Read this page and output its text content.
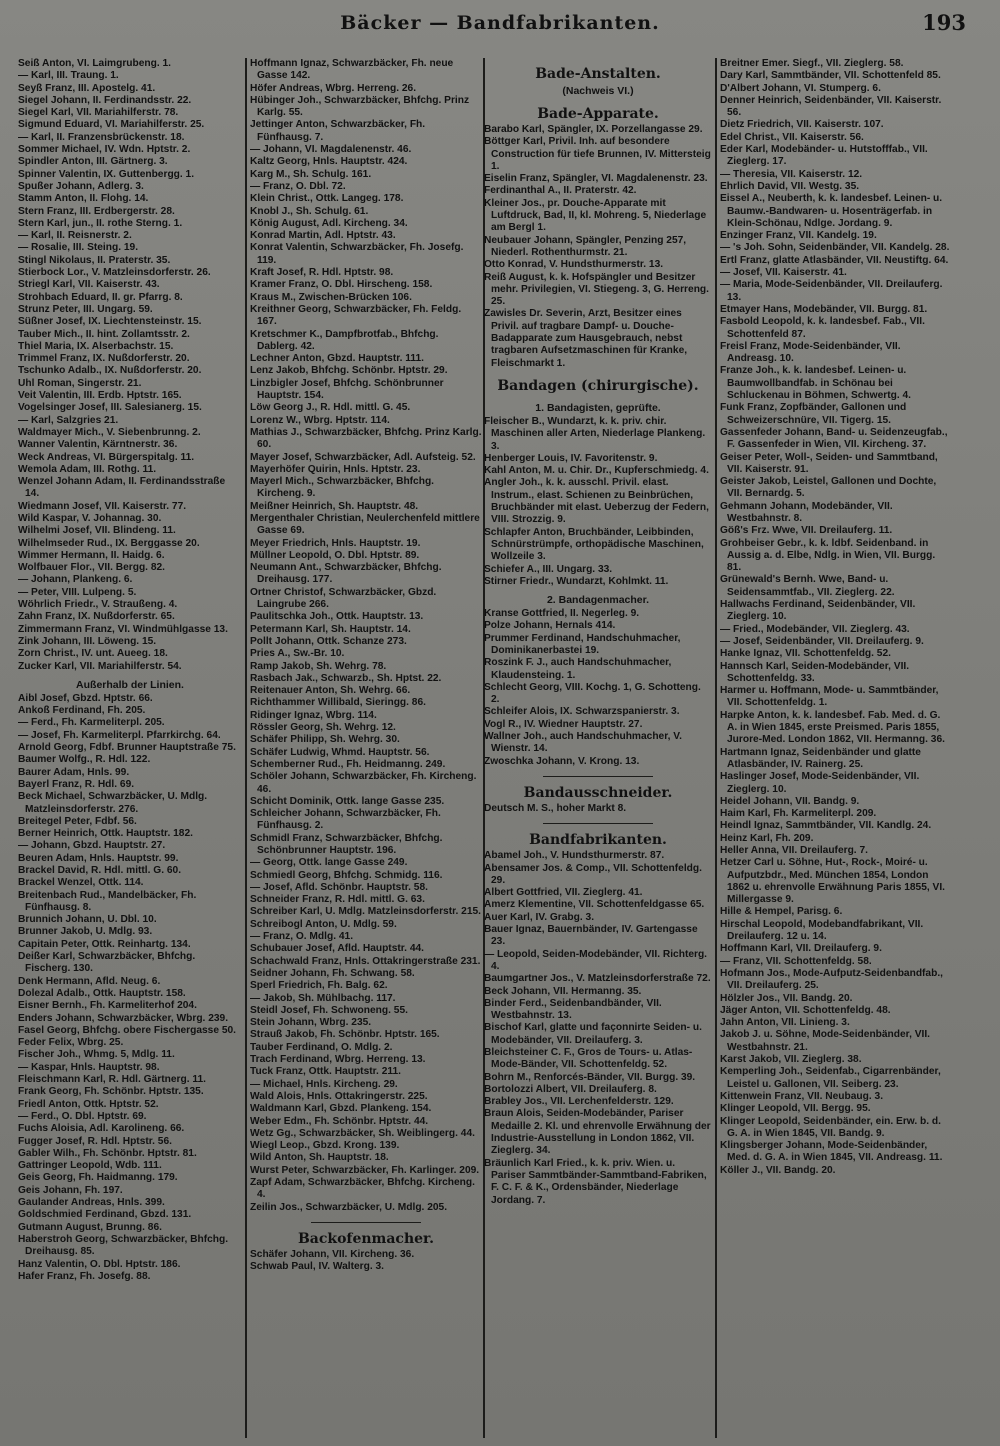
Bäcker — Bandfabrikanten.	193
Seiß Anton, VI. Laimgrubeng. 1.
— Karl, III. Traung. 1.
Seyß Franz, III. Apostelg. 41.
Siegel Johann, II. Ferdinandsstr. 22.
Siegel Karl, VII. Mariahilferstr. 78.
Sigmund Eduard, VI. Mariahilferstr. 25.
— Karl, II. Franzensbrückenstr. 18.
Sommer Michael, IV. Wdn. Hptstr. 2.
Spindler Anton, III. Gärtnerg. 3.
Spinner Valentin, IX. Guttenbergg. 1.
Spußer Johann, Adlerg. 3.
Stamm Anton, II. Flohg. 14.
Stern Franz, III. Erdbergerstr. 28.
Stern Karl, jun., II. rothe Sterng. 1.
— Karl, II. Reisnerstr. 2.
— Rosalie, III. Steing. 19.
Stingl Nikolaus, II. Praterstr. 35.
Stierbock Lor., V. Matzleinsdorferstr. 26.
Striegl Karl, VII. Kaiserstr. 43.
Strohbach Eduard, II. gr. Pfarrg. 8.
Strunz Peter, III. Ungarg. 59.
Süßner Josef, IX. Liechtensteinstr. 15.
Tauber Mich., II. hint. Zollamtsstr. 2.
Thiel Maria, IX. Alserbachstr. 15.
Trimmel Franz, IX. Nußdorferstr. 20.
Tschunko Adalb., IX. Nußdorferstr. 20.
Uhl Roman, Singerstr. 21.
Veit Valentin, III. Erdb. Hptstr. 165.
Vogelsinger Josef, III. Salesianerg. 15.
— Karl, Salzgries 21.
Waldmayer Mich., V. Siebenbrunng. 2.
Wanner Valentin, Kärntnerstr. 36.
Weck Andreas, VI. Bürgerspitalg. 11.
Wemola Adam, III. Rothg. 11.
Wenzel Johann Adam, II. Ferdinandsstraße 14.
Wiedmann Josef, VII. Kaiserstr. 77.
Wild Kaspar, V. Johannag. 30.
Wilhelmi Josef, VII. Blindeng. 11.
Wilhelmseder Rud., IX. Berggasse 20.
Wimmer Hermann, II. Haidg. 6.
Wolfbauer Flor., VII. Bergg. 82.
— Johann, Plankeng. 6.
— Peter, VIII. Lulpeng. 5.
Wöhrlich Friedr., V. Straußeng. 4.
Zahn Franz, IX. Nußdorferstr. 65.
Zimmermann Franz, VI. Windmühlgasse 13.
Zink Johann, III. Löweng. 15.
Zorn Christ., IV. unt. Aueeg. 18.
Zucker Karl, VII. Mariahilferstr. 54.
Außerhalb der Linien.
Aibl Josef, Gbzd. Hptstr. 66.
Ankoß Ferdinand, Fh. 205.
— Ferd., Fh. Karmeliterpl. 205.
— Josef, Fh. Karmeliterpl. Pfarrkirchg. 64.
Arnold Georg, Fdbf. Brunner Hauptstraße 75.
Baumer Wolfg., R. Hdl. 122.
Baurer Adam, Hnls. 99.
Bayerl Franz, R. Hdl. 69.
Beck Michael, Schwarzbäcker, U. Mdlg. Matzleinsdorferstr. 276.
Breitegel Peter, Fdbf. 56.
Berner Heinrich, Ottk. Hauptstr. 182.
— Johann, Gbzd. Hauptstr. 27.
Beuren Adam, Hnls. Hauptstr. 99.
Brackel David, R. Hdl. mittl. G. 60.
Brackel Wenzel, Ottk. 114.
Breitenbach Rud., Mandelbäcker, Fh. Fünfhausg. 8.
Brunnich Johann, U. Dbl. 10.
Brunner Jakob, U. Mdlg. 93.
Capitain Peter, Ottk. Reinhartg. 134.
Deißer Karl, Schwarzbäcker, Bhfchg. Fischerg. 130.
Denk Hermann, Afld. Neug. 6.
Dolezal Adalb., Ottk. Hauptstr. 158.
Eisner Bernh., Fh. Karmeliterhof 204.
Enders Johann, Schwarzbäcker, Wbrg. 239.
Fasel Georg, Bhfchg. obere Fischergasse 50.
Feder Felix, Wbrg. 25.
Fischer Joh., Whmg. 5, Mdlg. 11.
— Kaspar, Hnls. Hauptstr. 98.
Fleischmann Karl, R. Hdl. Gärtnerg. 11.
Frank Georg, Fh. Schönbr. Hptstr. 135.
Friedl Anton, Ottk. Hptstr. 52.
— Ferd., O. Dbl. Hptstr. 69.
Fuchs Aloisia, Adl. Karolineng. 66.
Fugger Josef, R. Hdl. Hptstr. 56.
Gabler Wilh., Fh. Schönbr. Hptstr. 81.
Gattringer Leopold, Wdb. 111.
Geis Georg, Fh. Haidmanng. 179.
Geis Johann, Fh. 197.
Gaulander Andreas, Hnls. 399.
Goldschmied Ferdinand, Gbzd. 131.
Gutmann August, Brunng. 86.
Haberstroh Georg, Schwarzbäcker, Bhfchg. Dreihausg. 85.
Hanz Valentin, O. Dbl. Hptstr. 186.
Hafer Franz, Fh. Josefg. 88.
Hoffmann Ignaz, Schwarzbäcker, Fh. neue Gasse 142.
Höfer Andreas, Wbrg. Herreng. 26.
Hübinger Joh., Schwarzbäcker, Bhfchg. Prinz Karlg. 55.
Jettinger Anton, Schwarzbäcker, Fh. Fünfhausg. 7.
— Johann, VI. Magdalenenstr. 46.
Kaltz Georg, Hnls. Hauptstr. 424.
Karg M., Sh. Schulg. 161.
— Franz, O. Dbl. 72.
Klein Christ., Ottk. Langeg. 178.
Knobl J., Sh. Schulg. 61.
König August, Adl. Kircheng. 34.
Konrad Martin, Adl. Hptstr. 43.
Konrat Valentin, Schwarzbäcker, Fh. Josefg. 119.
Kraft Josef, R. Hdl. Hptstr. 98.
Kramer Franz, O. Dbl. Hirscheng. 158.
Kraus M., Zwischen-Brücken 106.
Kreithner Georg, Schwarzbäcker, Fh. Feldg. 167.
Kretschmer K., Dampfbrotfab., Bhfchg. Dablerg. 42.
Lechner Anton, Gbzd. Hauptstr. 111.
Lenz Jakob, Bhfchg. Schönbr. Hptstr. 29.
Linzbigler Josef, Bhfchg. Schönbrunner Hauptstr. 154.
Löw Georg J., R. Hdl. mittl. G. 45.
Lorenz W., Wbrg. Hptstr. 114.
Mathias J., Schwarzbäcker, Bhfchg. Prinz Karlg. 60.
Mayer Josef, Schwarzbäcker, Adl. Aufsteig. 52.
Mayerhöfer Quirin, Hnls. Hptstr. 23.
Mayerl Mich., Schwarzbäcker, Bhfchg. Kircheng. 9.
Meißner Heinrich, Sh. Hauptstr. 48.
Mergenthaler Christian, Neulerchenfeld mittlere Gasse 69.
Meyer Friedrich, Hnls. Hauptstr. 19.
Müllner Leopold, O. Dbl. Hptstr. 89.
Neumann Ant., Schwarzbäcker, Bhfchg. Dreihausg. 177.
Ortner Christof, Schwarzbäcker, Gbzd. Laingrube 266.
Paulitschka Joh., Ottk. Hauptstr. 13.
Petermann Karl, Sh. Hauptstr. 14.
Pollt Johann, Ottk. Schanze 273.
Pries A., Sw.-Br. 10.
Ramp Jakob, Sh. Wehrg. 78.
Rasbach Jak., Schwarzb., Sh. Hptst. 22.
Reitenauer Anton, Sh. Wehrg. 66.
Richthammer Willibald, Sieringg. 86.
Ridinger Ignaz, Wbrg. 114.
Rössler Georg, Sh. Wehrg. 12.
Schäfer Philipp, Sh. Wehrg. 30.
Schäfer Ludwig, Whmd. Hauptstr. 56.
Schemberner Rud., Fh. Heidmanng. 249.
Schöler Johann, Schwarzbäcker, Fh. Kircheng. 46.
Schicht Dominik, Ottk. lange Gasse 235.
Schleicher Johann, Schwarzbäcker, Fh. Fünfhausg. 2.
Schmidl Franz, Schwarzbäcker, Bhfchg. Schönbrunner Hauptstr. 196.
— Georg, Ottk. lange Gasse 249.
Schmiedl Georg, Bhfchg. Schmidg. 116.
— Josef, Afld. Schönbr. Hauptstr. 58.
Schneider Franz, R. Hdl. mittl. G. 63.
Schreiber Karl, U. Mdlg. Matzleinsdorferstr. 215.
Schreibogl Anton, U. Mdlg. 59.
— Franz, O. Mdlg. 41.
Schubauer Josef, Afld. Hauptstr. 44.
Schachwald Franz, Hnls. Ottakringerstraße 231.
Seidner Johann, Fh. Schwang. 58.
Sperl Friedrich, Fh. Balg. 62.
— Jakob, Sh. Mühlbachg. 117.
Steidl Josef, Fh. Schwoneng. 55.
Stein Johann, Wbrg. 235.
Strauß Jakob, Fh. Schönbr. Hptstr. 165.
Tauber Ferdinand, O. Mdlg. 2.
Trach Ferdinand, Wbrg. Herreng. 13.
Tuck Franz, Ottk. Hauptstr. 211.
— Michael, Hnls. Kircheng. 29.
Wald Alois, Hnls. Ottakringerstr. 225.
Waldmann Karl, Gbzd. Plankeng. 154.
Weber Edm., Fh. Schönbr. Hptstr. 44.
Wetz Gg., Schwarzbäcker, Sh. Weiblingerg. 44.
Wiegl Leop., Gbzd. Krong. 139.
Wild Anton, Sh. Hauptstr. 18.
Wurst Peter, Schwarzbäcker, Fh. Karlinger. 209.
Zapf Adam, Schwarzbäcker, Bhfchg. Kircheng. 4.
Zeilin Jos., Schwarzbäcker, U. Mdlg. 205.
Backofenmacher.
Schäfer Johann, VII. Kircheng. 36.
Schwab Paul, IV. Walterg. 3.
Bade-Anstalten.
(Nachweis VI.)
Bade-Apparate.
Barabo Karl, Spängler, IX. Porzellangasse 29.
Böttger Karl, Privil. Inh. auf besondere Construction für tiefe Brunnen, IV. Mittersteig 1.
Eiselin Franz, Spängler, VI. Magdalenenstr. 23.
Ferdinanthal A., II. Praterstr. 42.
Kleiner Jos., pr. Douche-Apparate mit Luftdruck, Bad, II, kl. Mohreng. 5, Niederlage am Bergl 1.
Neubauer Johann, Spängler, Penzing 257, Niederl. Rothenthurmstr. 21.
Otto Konrad, V. Hundsthurmerstr. 13.
Reiß August, k. k. Hofspängler und Besitzer mehr. Privilegien, VI. Stiegeng. 3, G. Herreng. 25.
Zawisles Dr. Severin, Arzt, Besitzer eines Privil. auf tragbare Dampf- u. Douche-Badapparate zum Hausgebrauch, nebst tragbaren Aufsetzmaschinen für Kranke, Fleischmarkt 1.
Bandagen (chirurgische).
1. Bandagisten, geprüfte.
Fleischer B., Wundarzt, k. k. priv. chir. Maschinen aller Arten, Niederlage Plankeng. 3.
Henberger Louis, IV. Favoritenstr. 9.
Kahl Anton, M. u. Chir. Dr., Kupferschmiedg. 4.
Angler Joh., k. k. ausschl. Privil. elast. Instrum., elast. Schienen zu Beinbrüchen, Bruchbänder mit elast. Ueberzug der Federn, VIII. Strozzig. 9.
Schlapfer Anton, Bruchbänder, Leibbinden, Schnürstrümpfe, orthopädische Maschinen, Wollzeile 3.
Schiefer A., III. Ungarg. 33.
Stirner Friedr., Wundarzt, Kohlmkt. 11.
2. Bandagenmacher.
Kranse Gottfried, II. Negerleg. 9.
Polze Johann, Hernals 414.
Prummer Ferdinand, Handschuhmacher, Dominikanerbastei 19.
Roszink F. J., auch Handschuhmacher, Klaudensteing. 1.
Schlecht Georg, VIII. Kochg. 1, G. Schotteng. 2.
Schleifer Alois, IX. Schwarzspanierstr. 3.
Vogl R., IV. Wiedner Hauptstr. 27.
Wallner Joh., auch Handschuhmacher, V. Wienstr. 14.
Zwoschka Johann, V. Krong. 13.
Bandausschneider.
Deutsch M. S., hoher Markt 8.
Bandfabrikanten.
Abamel Joh., V. Hundsthurmerstr. 87.
Abensamer Jos. & Comp., VII. Schottenfeldg. 29.
Albert Gottfried, VII. Zieglerg. 41.
Amerz Klementine, VII. Schottenfeldgasse 65.
Auer Karl, IV. Grabg. 3.
Bauer Ignaz, Bauernbänder, IV. Gartengasse 23.
— Leopold, Seiden-Modebänder, VII. Richterg. 4.
Baumgartner Jos., V. Matzleinsdorferstraße 72.
Beck Johann, VII. Hermanng. 35.
Binder Ferd., Seidenbandbänder, VII. Westbahnstr. 13.
Bischof Karl, glatte und façonnirte Seiden- u. Modebänder, VII. Dreilauferg. 3.
Bleichsteiner C. F., Gros de Tours- u. Atlas-Mode-Bänder, VII. Schottenfeldg. 52.
Bohrn M., Renforcés-Bänder, VII. Burgg. 39.
Bortolozzi Albert, VII. Dreilauferg. 8.
Brabley Jos., VII. Lerchenfelderstr. 129.
Braun Alois, Seiden-Modebänder, Pariser Medaille 2. Kl. und ehrenvolle Erwähnung der Industrie-Ausstellung in London 1862, VII. Zieglerg. 34.
Bräunlich Karl Fried., k. k. priv. Wien. u. Pariser Sammtbänder-Sammtband-Fabriken, F. C. F. & K., Ordensbänder, Niederlage Jordang. 7.
Breitner Emer. Siegf., VII. Zieglerg. 58.
Dary Karl, Sammtbänder, VII. Schottenfeld 85.
D'Albert Johann, VI. Stumperg. 6.
Denner Heinrich, Seidenbänder, VII. Kaiserstr. 56.
Dietz Friedrich, VII. Kaiserstr. 107.
Edel Christ., VII. Kaiserstr. 56.
Eder Karl, Modebänder- u. Hutstofffab., VII. Zieglerg. 17.
— Theresia, VII. Kaiserstr. 12.
Ehrlich David, VII. Westg. 35.
Eissel A., Neuberth, k. k. landesbef. Leinen- u. Baumw.-Bandwaren- u. Hosenträgerfab. in Klein-Schönau, Ndlge. Jordang. 9.
Enzinger Franz, VII. Kandelg. 19.
— 's Joh. Sohn, Seidenbänder, VII. Kandelg. 28.
Ertl Franz, glatte Atlasbänder, VII. Neustiftg. 64.
— Josef, VII. Kaiserstr. 41.
— Maria, Mode-Seidenbänder, VII. Dreilauferg. 13.
Etmayer Hans, Modebänder, VII. Burgg. 81.
Fasbold Leopold, k. k. landesbef. Fab., VII. Schottenfeld 87.
Freisl Franz, Mode-Seidenbänder, VII. Andreasg. 10.
Franze Joh., k. k. landesbef. Leinen- u. Baumwollbandfab. in Schönau bei Schluckenau in Böhmen, Schwertg. 4.
Funk Franz, Zopfbänder, Gallonen und Schweizerschnüre, VII. Tigerg. 15.
Gassenfeder Johann, Band- u. Seidenzeugfab., F. Gassenfeder in Wien, VII. Kircheng. 37.
Geiser Peter, Woll-, Seiden- und Sammtband, VII. Kaiserstr. 91.
Geister Jakob, Leistel, Gallonen und Dochte, VII. Bernardg. 5.
Gehmann Johann, Modebänder, VII. Westbahnstr. 8.
Göß's Frz. Wwe, VII. Dreilauferg. 11.
Grohbeiser Gebr., k. k. ldbf. Seidenband. in Aussig a. d. Elbe, Ndlg. in Wien, VII. Burgg. 81.
Grünewald's Bernh. Wwe, Band- u. Seidensammtfab., VII. Zieglerg. 22.
Hallwachs Ferdinand, Seidenbänder, VII. Zieglerg. 10.
— Fried., Modebänder, VII. Zieglerg. 43.
— Josef, Seidenbänder, VII. Dreilauferg. 9.
Hanke Ignaz, VII. Schottenfeldg. 52.
Hannsch Karl, Seiden-Modebänder, VII. Schottenfeldg. 33.
Harmer u. Hoffmann, Mode- u. Sammtbänder, VII. Schottenfeldg. 1.
Harpke Anton, k. k. landesbef. Fab. Med. d. G. A. in Wien 1845, erste Preismed. Paris 1855, Jurore-Med. London 1862, VII. Hermanng. 36.
Hartmann Ignaz, Seidenbänder und glatte Atlasbänder, IV. Rainerg. 25.
Haslinger Josef, Mode-Seidenbänder, VII. Zieglerg. 10.
Heidel Johann, VII. Bandg. 9.
Haim Karl, Fh. Karmeliterpl. 209.
Heindl Ignaz, Sammtbänder, VII. Kandlg. 24.
Heinz Karl, Fh. 209.
Heller Anna, VII. Dreilauferg. 7.
Hetzer Carl u. Söhne, Hut-, Rock-, Moiré- u. Aufputzbdr., Med. München 1854, London 1862 u. ehrenvolle Erwähnung Paris 1855, VI. Millergasse 9.
Hille & Hempel, Parisg. 6.
Hirschal Leopold, Modebandfabrikant, VII. Dreilauferg. 12 u. 14.
Hoffmann Karl, VII. Dreilauferg. 9.
— Franz, VII. Schottenfeldg. 58.
Hofmann Jos., Mode-Aufputz-Seidenbandfab., VII. Dreilauferg. 25.
Hölzler Jos., VII. Bandg. 20.
Jäger Anton, VII. Schottenfeldg. 48.
Jahn Anton, VII. Linieng. 3.
Jakob J. u. Söhne, Mode-Seidenbänder, VII. Westbahnstr. 21.
Karst Jakob, VII. Zieglerg. 38.
Kemperling Joh., Seidenfab., Cigarrenbänder, Leistel u. Gallonen, VII. Seiberg. 23.
Kittenwein Franz, VII. Neubaug. 3.
Klinger Leopold, VII. Bergg. 95.
Klinger Leopold, Seidenbänder, ein. Erw. b. d. G. A. in Wien 1845, VII. Bandg. 9.
Klingsberger Johann, Mode-Seidenbänder, Med. d. G. A. in Wien 1845, VII. Andreasg. 11.
Köller J., VII. Bandg. 20.
